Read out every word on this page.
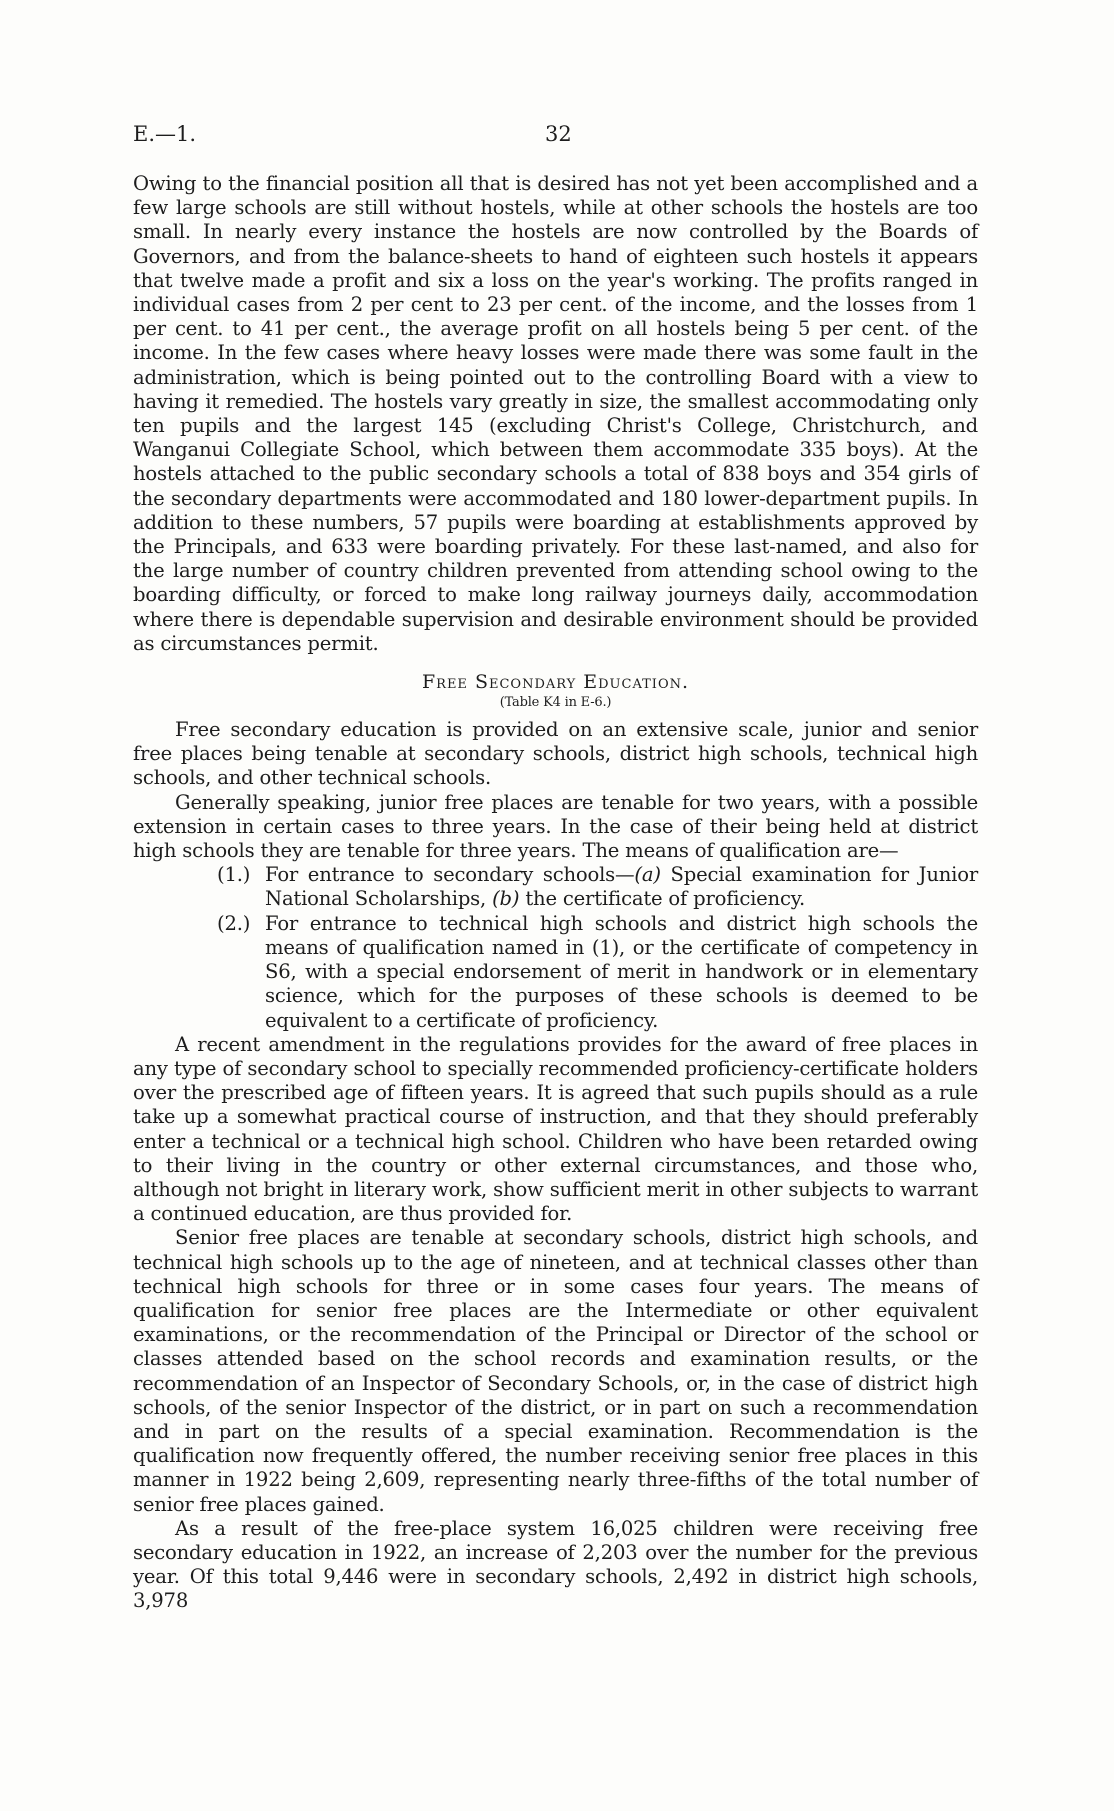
E.—1.	32

Owing to the financial position all that is desired has not yet been accomplished and a few large schools are still without hostels, while at other schools the hostels are too small. In nearly every instance the hostels are now controlled by the Boards of Governors, and from the balance-sheets to hand of eighteen such hostels it appears that twelve made a profit and six a loss on the year's working. The profits ranged in individual cases from 2 per cent to 23 per cent. of the income, and the losses from 1 per cent. to 41 per cent., the average profit on all hostels being 5 per cent. of the income. In the few cases where heavy losses were made there was some fault in the administration, which is being pointed out to the controlling Board with a view to having it remedied. The hostels vary greatly in size, the smallest accommodating only ten pupils and the largest 145 (excluding Christ's College, Christchurch, and Wanganui Collegiate School, which between them accommodate 335 boys). At the hostels attached to the public secondary schools a total of 838 boys and 354 girls of the secondary departments were accommodated and 180 lower-department pupils. In addition to these numbers, 57 pupils were boarding at establishments approved by the Principals, and 633 were boarding privately. For these last-named, and also for the large number of country children prevented from attending school owing to the boarding difficulty, or forced to make long railway journeys daily, accommodation where there is dependable supervision and desirable environment should be provided as circumstances permit.

Free Secondary Education.
(Table K4 in E-6.)

Free secondary education is provided on an extensive scale, junior and senior free places being tenable at secondary schools, district high schools, technical high schools, and other technical schools.

Generally speaking, junior free places are tenable for two years, with a possible extension in certain cases to three years. In the case of their being held at district high schools they are tenable for three years. The means of qualification are—

(1.) For entrance to secondary schools—(a) Special examination for Junior National Scholarships, (b) the certificate of proficiency.
(2.) For entrance to technical high schools and district high schools the means of qualification named in (1), or the certificate of competency in S6, with a special endorsement of merit in handwork or in elementary science, which for the purposes of these schools is deemed to be equivalent to a certificate of proficiency.

A recent amendment in the regulations provides for the award of free places in any type of secondary school to specially recommended proficiency-certificate holders over the prescribed age of fifteen years. It is agreed that such pupils should as a rule take up a somewhat practical course of instruction, and that they should preferably enter a technical or a technical high school. Children who have been retarded owing to their living in the country or other external circumstances, and those who, although not bright in literary work, show sufficient merit in other subjects to warrant a continued education, are thus provided for.

Senior free places are tenable at secondary schools, district high schools, and technical high schools up to the age of nineteen, and at technical classes other than technical high schools for three or in some cases four years. The means of qualification for senior free places are the Intermediate or other equivalent examinations, or the recommendation of the Principal or Director of the school or classes attended based on the school records and examination results, or the recommendation of an Inspector of Secondary Schools, or, in the case of district high schools, of the senior Inspector of the district, or in part on such a recommendation and in part on the results of a special examination. Recommendation is the qualification now frequently offered, the number receiving senior free places in this manner in 1922 being 2,609, representing nearly three-fifths of the total number of senior free places gained.

As a result of the free-place system 16,025 children were receiving free secondary education in 1922, an increase of 2,203 over the number for the previous year. Of this total 9,446 were in secondary schools, 2,492 in district high schools, 3,978
